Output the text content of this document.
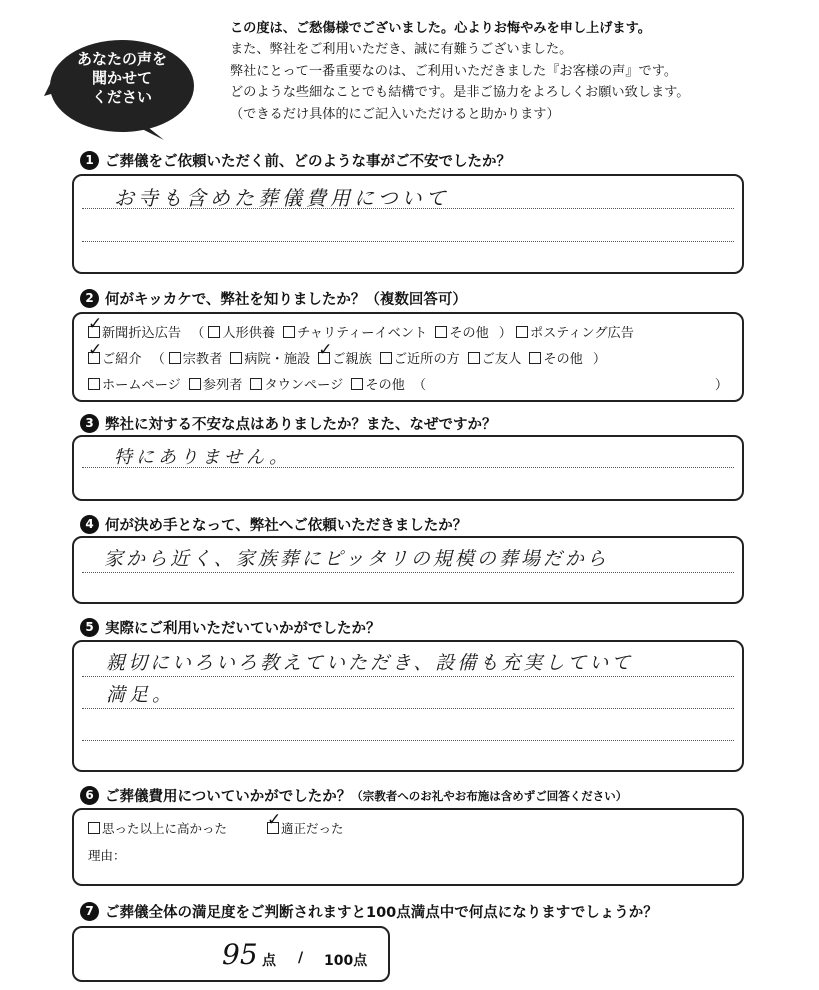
あなたの声を
聞かせて
ください
この度は、ご愁傷様でございました。心よりお悔やみを申し上げます。
また、弊社をご利用いただき、誠に有難うございました。
弊社にとって一番重要なのは、ご利用いただきました『お客様の声』です。
どのような些細なことでも結構です。是非ご協力をよろしくお願い致します。
（できるだけ具体的にご記入いただけると助かります）
1 ご葬儀をご依頼いただく前、どのような事がご不安でしたか？
お寺も含めた葬儀費用について
2 何がキッカケで、弊社を知りましたか？（複数回答可）
✓新聞折込広告 （ 人形供養 チャリティーイベント その他 ） ポスティング広告
✓ご紹介 （ 宗教者 病院・施設 ✓ ご親族 ご近所の方 ご友人 その他 ）
ホームページ 参列者 タウンページ その他 （	）
3 弊社に対する不安な点はありましたか？また、なぜですか？
特にありません。
4 何が決め手となって、弊社へご依頼いただきましたか？
家から近く、家族葬にピッタリの規模の葬場だから
5 実際にご利用いただいていかがでしたか？
親切にいろいろ教えていただき、設備も充実していて
満足。
6 ご葬儀費用についていかがでしたか？ （宗教者へのお礼やお布施は含めずご回答ください）
思った以上に高かった ✓	適正だった
理由：
7 ご葬儀全体の満足度をご判断されますと100点満点中で何点になりますでしょうか？
95 点 / 100点
